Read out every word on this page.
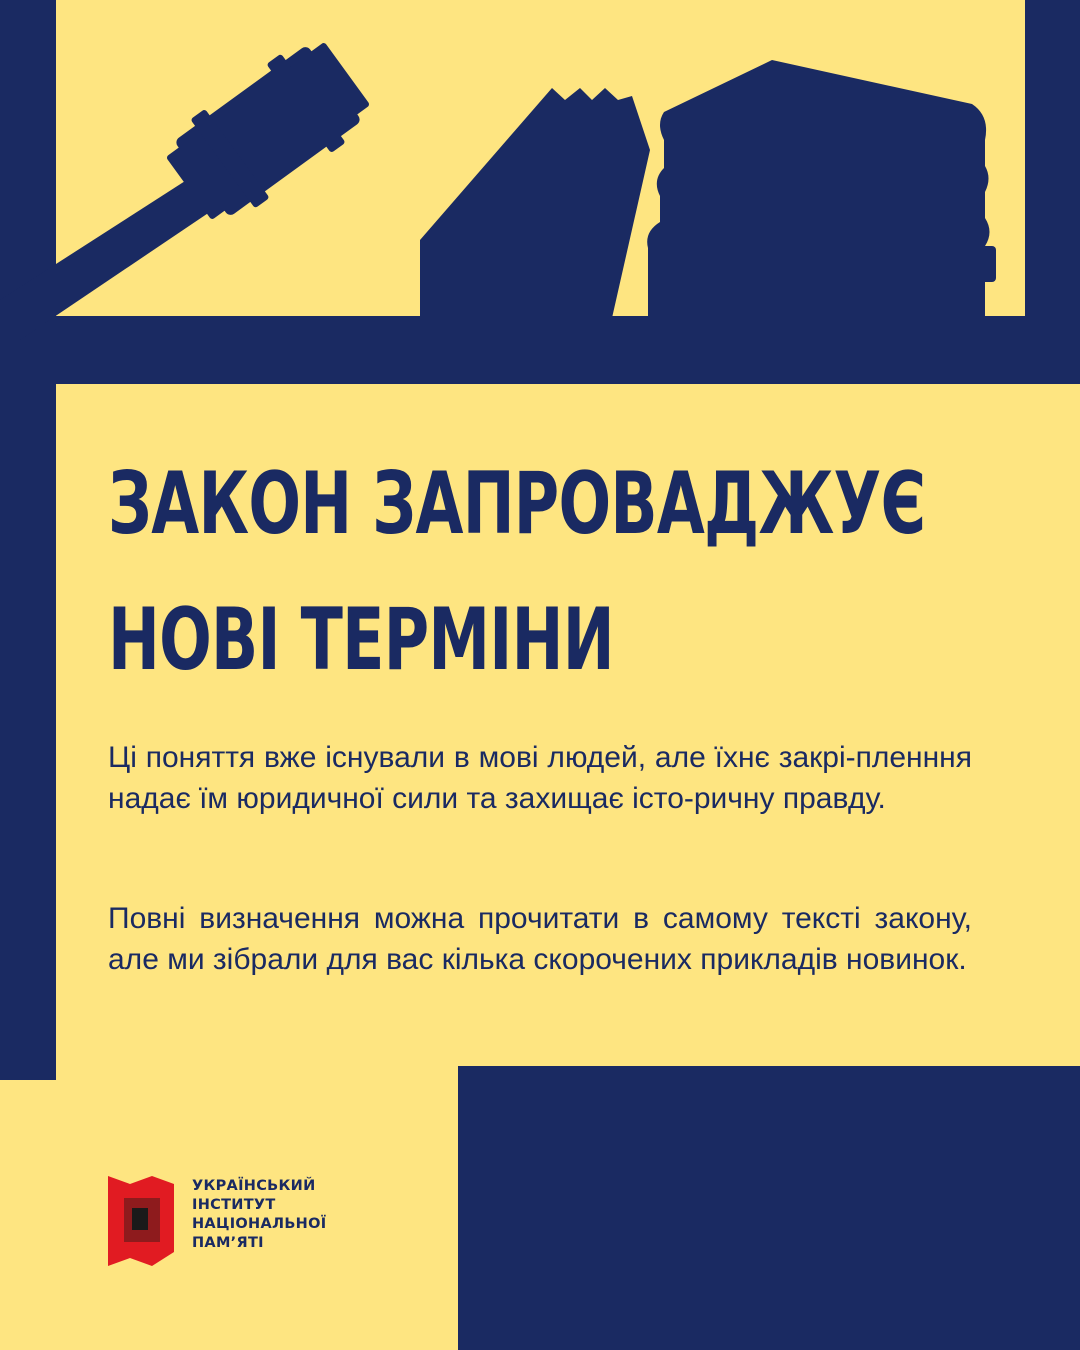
ЗАКОН ЗАПРОВАДЖУЄ
НОВІ ТЕРМІНИ

Ці поняття вже існували в мові людей, але їхнє закрі-пленння надає їм юридичної сили та захищає істо-ричну правду.

Повні визначення можна прочитати в самому тексті закону, але ми зібрали для вас кілька скорочених прикладів новинок.

УКРАЇНСЬКИЙ
ІНСТИТУТ
НАЦІОНАЛЬНОЇ
ПАМ’ЯТІ
